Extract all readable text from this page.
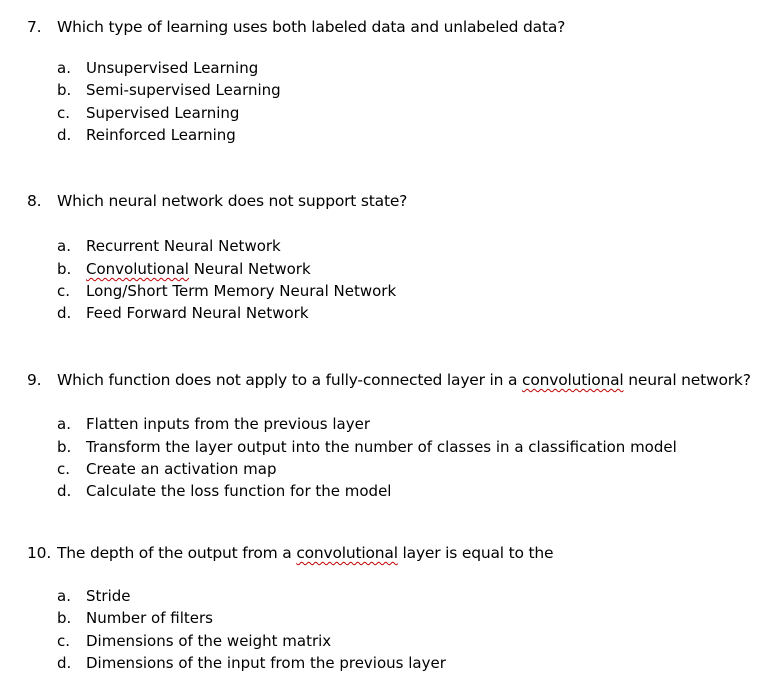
7. Which type of learning uses both labeled data and unlabeled data?
a. Unsupervised Learning
b. Semi-supervised Learning
c. Supervised Learning
d. Reinforced Learning
8. Which neural network does not support state?
a. Recurrent Neural Network
b. Convolutional Neural Network
c. Long/Short Term Memory Neural Network
d. Feed Forward Neural Network
9. Which function does not apply to a fully-connected layer in a convolutional neural network?
a. Flatten inputs from the previous layer
b. Transform the layer output into the number of classes in a classification model
c. Create an activation map
d. Calculate the loss function for the model
10. The depth of the output from a convolutional layer is equal to the
a. Stride
b. Number of filters
c. Dimensions of the weight matrix
d. Dimensions of the input from the previous layer
